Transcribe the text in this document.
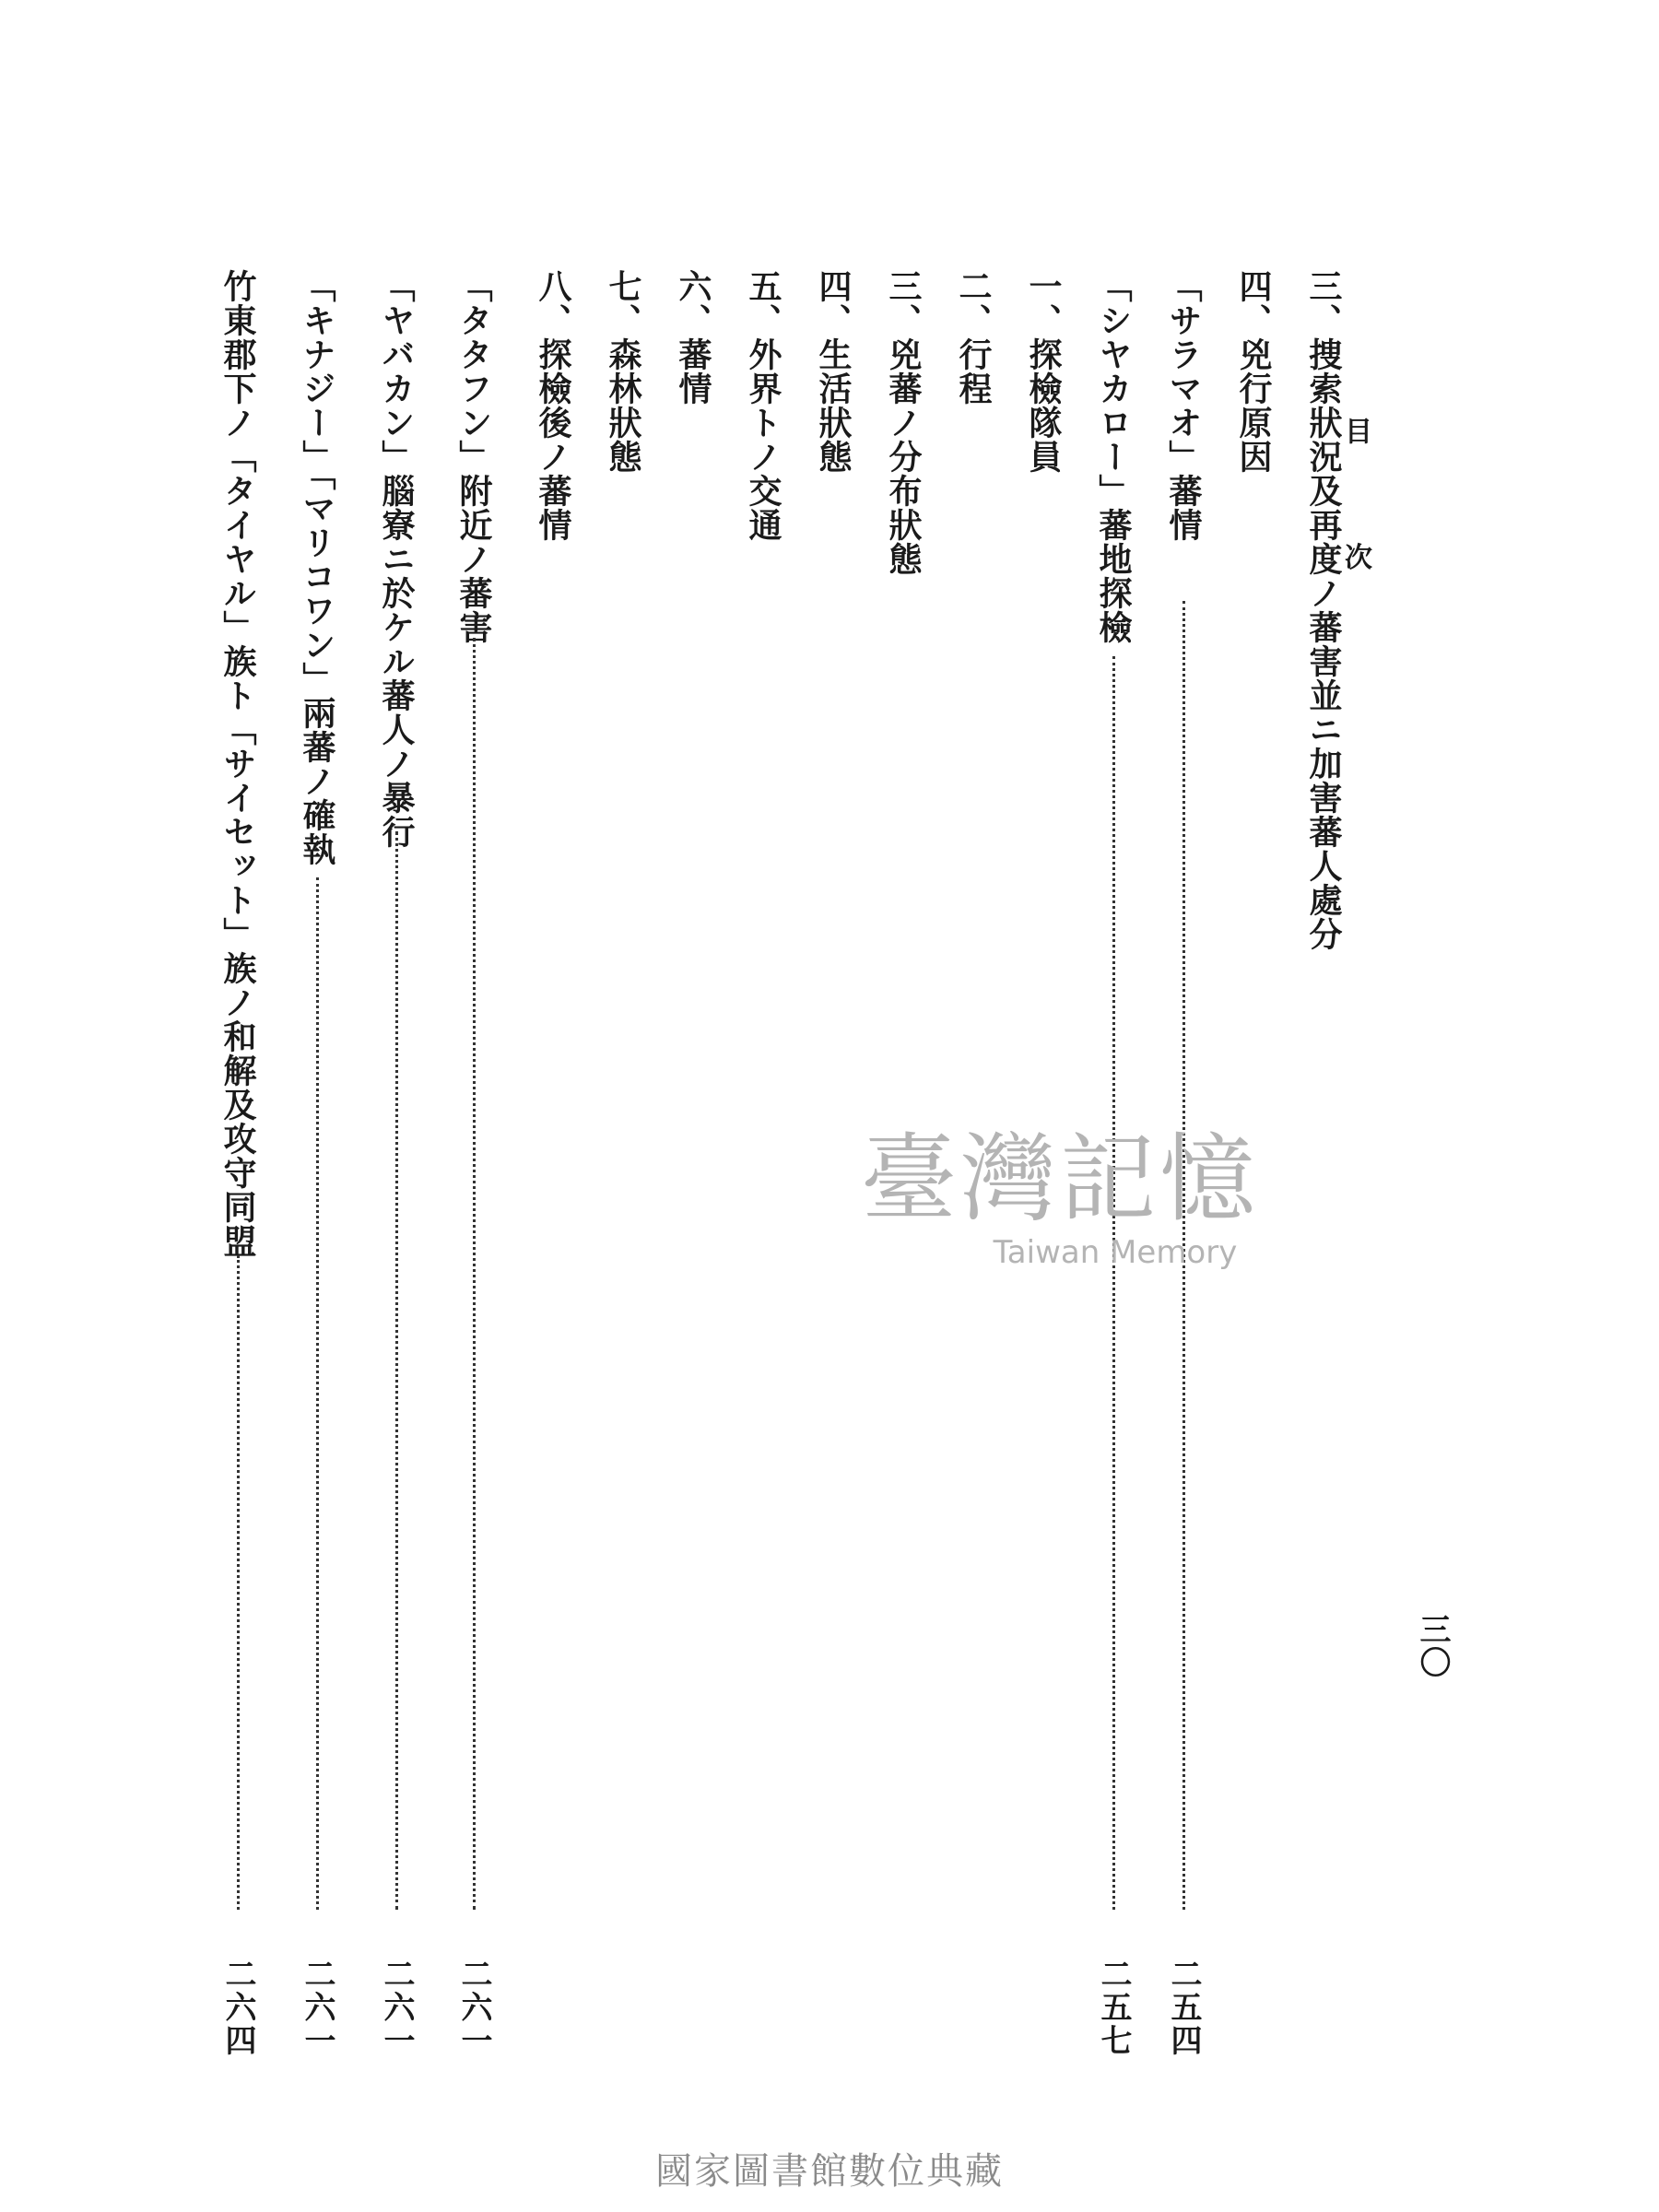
目 次
三〇
三、捜索狀況及再度ノ蕃害並ニ加害蕃人處分
四、兇行原因
「サラマオ」蕃情
二五四
「シヤカロー」蕃地探檢
二五七
一、探檢隊員
二、行程
三、兇蕃ノ分布狀態
四、生活狀態
五、外界トノ交通
六、蕃情
七、森林狀態
八、探檢後ノ蕃情
「タタフン」附近ノ蕃害
二六一
「ヤバカン」腦寮ニ於ケル蕃人ノ暴行
二六一
「キナジー」「マリコワン」兩蕃ノ確執
二六一
竹東郡下ノ「タイヤル」族ト「サイセット」族ノ和解及攻守同盟
二六四
臺灣記憶
Taiwan Memory
國家圖書館數位典藏
